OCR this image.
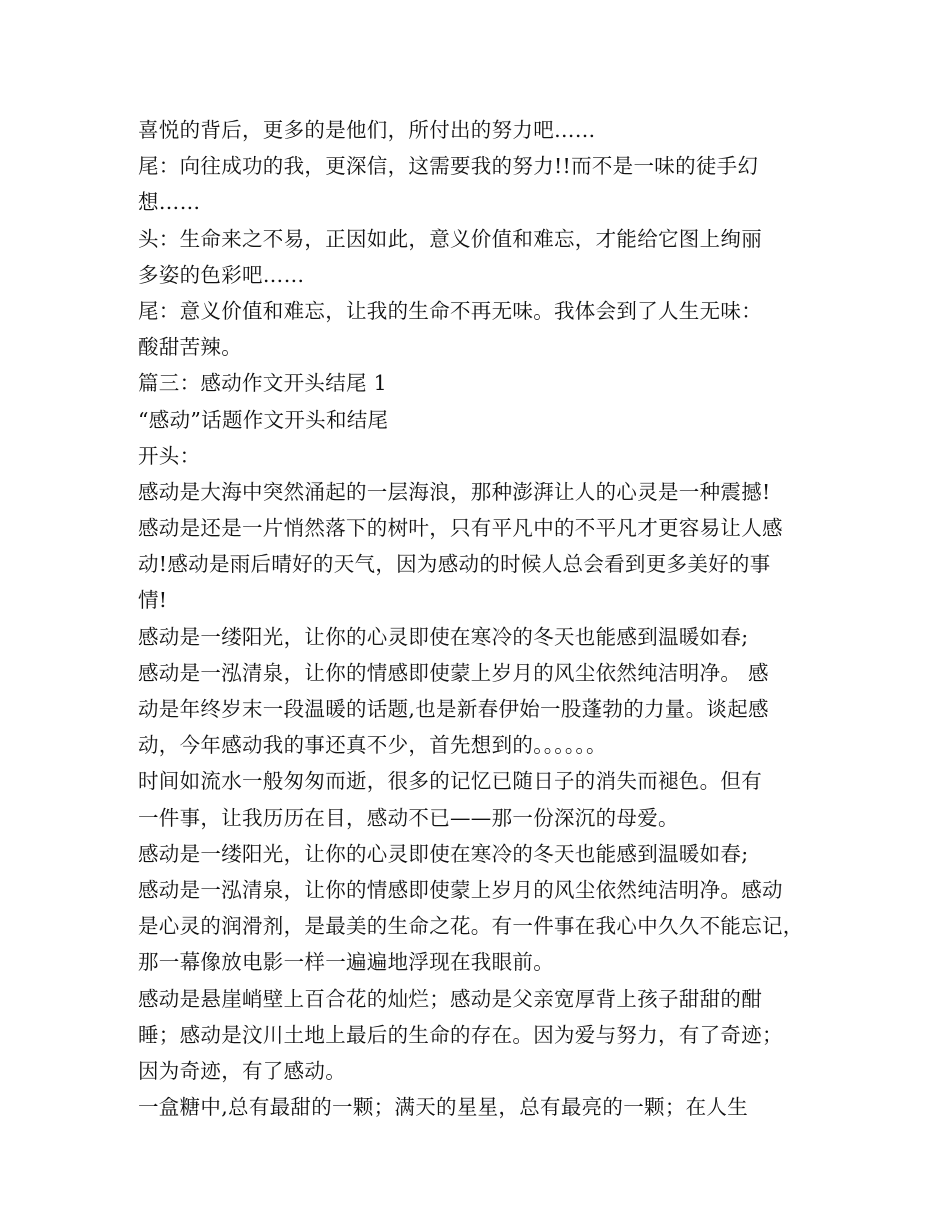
喜悦的背后，更多的是他们，所付出的努力吧……
尾：向往成功的我，更深信，这需要我的努力!!而不是一味的徒手幻
想……
头：生命来之不易，正因如此，意义价值和难忘，才能给它图上绚丽
多姿的色彩吧……
尾：意义价值和难忘，让我的生命不再无味。我体会到了人生无味：
酸甜苦辣。
篇三：感动作文开头结尾 1
“感动”话题作文开头和结尾
开头：
感动是大海中突然涌起的一层海浪，那种澎湃让人的心灵是一种震撼!
感动是还是一片悄然落下的树叶，只有平凡中的不平凡才更容易让人感
动!感动是雨后晴好的天气，因为感动的时候人总会看到更多美好的事
情!
感动是一缕阳光，让你的心灵即使在寒冷的冬天也能感到温暖如春;
感动是一泓清泉，让你的情感即使蒙上岁月的风尘依然纯洁明净。 感
动是年终岁末一段温暖的话题,也是新春伊始一股蓬勃的力量。谈起感
动，今年感动我的事还真不少，首先想到的。。。。。。
时间如流水一般匆匆而逝，很多的记忆已随日子的消失而褪色。但有
一件事，让我历历在目，感动不已——那一份深沉的母爱。
感动是一缕阳光，让你的心灵即使在寒冷的冬天也能感到温暖如春;
感动是一泓清泉，让你的情感即使蒙上岁月的风尘依然纯洁明净。感动
是心灵的润滑剂，是最美的生命之花。有一件事在我心中久久不能忘记，
那一幕像放电影一样一遍遍地浮现在我眼前。
感动是悬崖峭壁上百合花的灿烂；感动是父亲宽厚背上孩子甜甜的酣
睡；感动是汶川土地上最后的生命的存在。因为爱与努力，有了奇迹；
因为奇迹，有了感动。
一盒糖中,总有最甜的一颗；满天的星星，总有最亮的一颗；在人生
